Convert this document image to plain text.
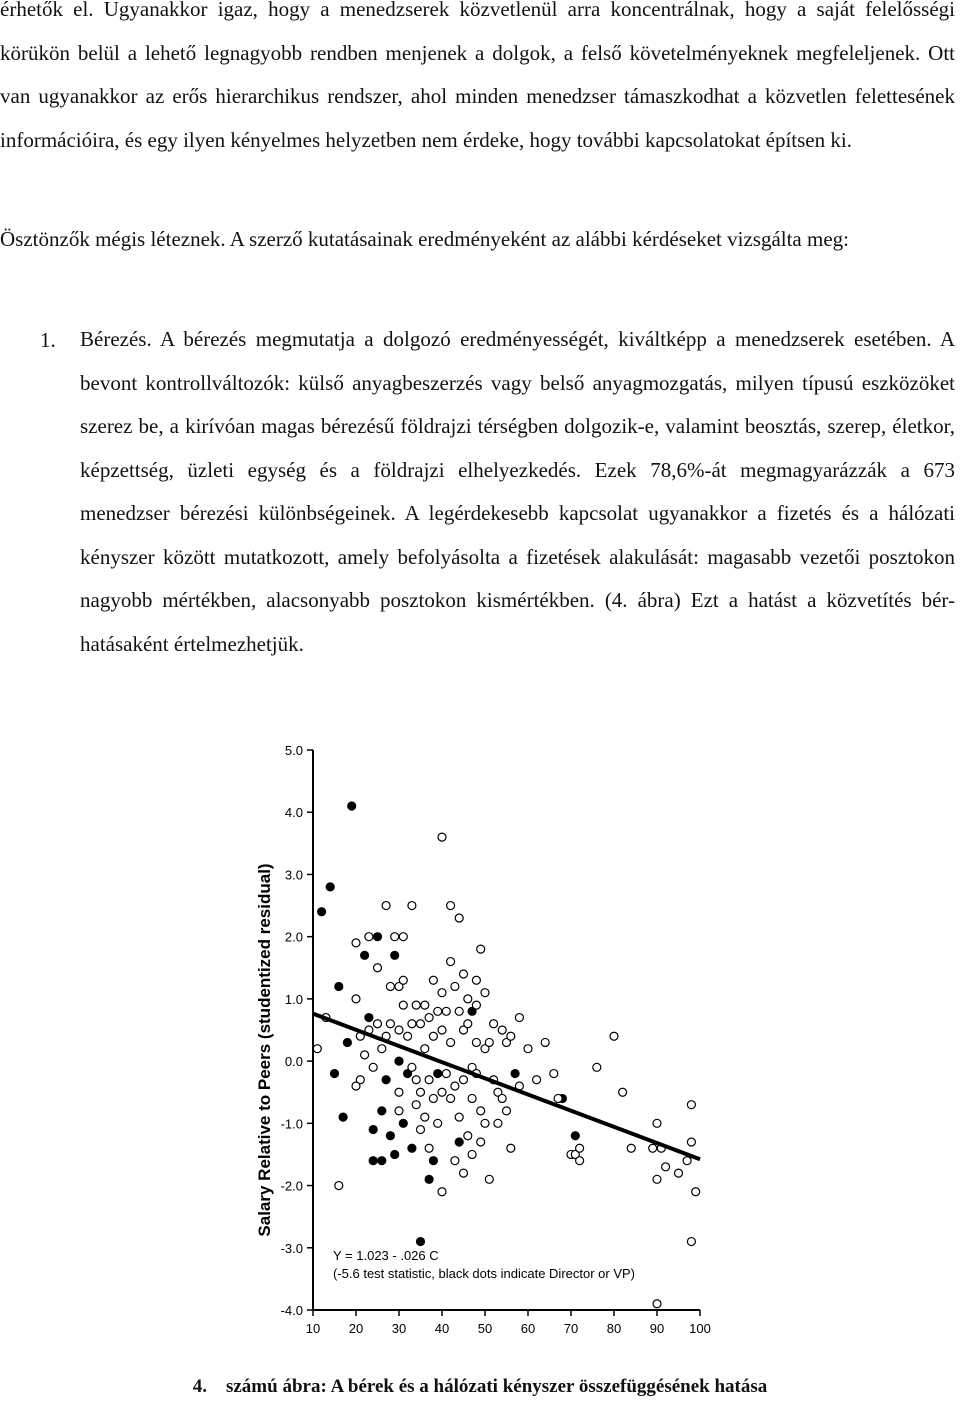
érhetők el. Ugyanakkor igaz, hogy a menedzserek közvetlenül arra koncentrálnak, hogy a saját felelősségi körükön belül a lehető legnagyobb rendben menjenek a dolgok, a felső követelményeknek megfeleljenek. Ott van ugyanakkor az erős hierarchikus rendszer, ahol minden menedzser támaszkodhat a közvetlen felettesének információira, és egy ilyen kényelmes helyzetben nem érdeke, hogy további kapcsolatokat építsen ki.

Ösztönzők mégis léteznek. A szerző kutatásainak eredményeként az alábbi kérdéseket vizsgálta meg:

1. Bérezés. A bérezés megmutatja a dolgozó eredményességét, kiváltképp a menedzserek esetében. A bevont kontrollváltozók: külső anyagbeszerzés vagy belső anyagmozgatás, milyen típusú eszközöket szerez be, a kirívóan magas bérezésű földrajzi térségben dolgozik-e, valamint beosztás, szerep, életkor, képzettség, üzleti egység és a földrajzi elhelyezkedés. Ezek 78,6%-át megmagyarázzák a 673 menedzser bérezési különbségeinek. A legérdekesebb kapcsolat ugyanakkor a fizetés és a hálózati kényszer között mutatkozott, amely befolyásolta a fizetések alakulását: magasabb vezetői posztokon nagyobb mértékben, alacsonyabb posztokon kismértékben. (4. ábra) Ezt a hatást a közvetítés bér-hatásaként értelmezhetjük.

5.0
4.0
3.0
2.0
1.0
0.0
-1.0
-2.0
-3.0
-4.0
10 20 30 40 50 60 70 80 90 100
Salary Relative to Peers (studentized residual)
Y = 1.023 - .026 C
(-5.6 test statistic, black dots indicate Director or VP)
4. számú ábra: A bérek és a hálózati kényszer összefüggésének hatása
